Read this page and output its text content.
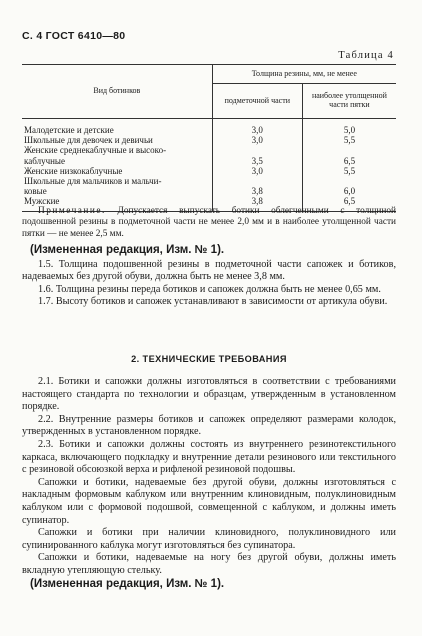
С. 4 ГОСТ 6410—80
Таблица 4
Вид ботинков	Толщина резины, мм, не менее	
	подметочной части	наиболее утолщенной части пятки
Малодетские и детские	3,0	5,0
Школьные для девочек и девичьи	3,0	5,5
Женские среднекаблучные и высоко-		
каблучные	3,5	6,5
Женские низкокаблучные	3,0	5,5
Школьные для мальчиков и мальчи-		
ковые	3,8	6,0
Мужские	3,8	6,5
Примечание. Допускается выпускать ботики облегченными с толщиной подошвенной резины в подметочной части не менее 2,0 мм и в наиболее утолщенной части пятки — не менее 2,5 мм.

(Измененная редакция, Изм. № 1).

1.5. Толщина подошвенной резины в подметочной части сапожек и ботиков, надеваемых без другой обуви, должна быть не менее 3,8 мм.

1.6. Толщина резины переда ботиков и сапожек должна быть не менее 0,65 мм.

1.7. Высоту ботиков и сапожек устанавливают в зависимости от артикула обуви.

2. ТЕХНИЧЕСКИЕ ТРЕБОВАНИЯ

2.1. Ботики и сапожки должны изготовляться в соответствии с требованиями настоящего стандарта по технологии и образцам, утвержденным в установленном порядке.

2.2. Внутренние размеры ботиков и сапожек определяют размерами колодок, утвержденных в установленном порядке.

2.3. Ботики и сапожки должны состоять из внутреннего резинотекстильного каркаса, включающего подкладку и внутренние детали резинового или текстильного с резиновой обсоюзкой верха и рифленой резиновой подошвы.

Сапожки и ботики, надеваемые без другой обуви, должны изготовляться с накладным формовым каблуком или внутренним клиновидным, полуклиновидным каблуком или с формовой подошвой, совмещенной с каблуком, и должны иметь супинатор.

Сапожки и ботики при наличии клиновидного, полуклиновидного или супинированного каблука могут изготовляться без супинатора.

Сапожки и ботики, надеваемые на ногу без другой обуви, должны иметь вкладную утепляющую стельку.

(Измененная редакция, Изм. № 1).
